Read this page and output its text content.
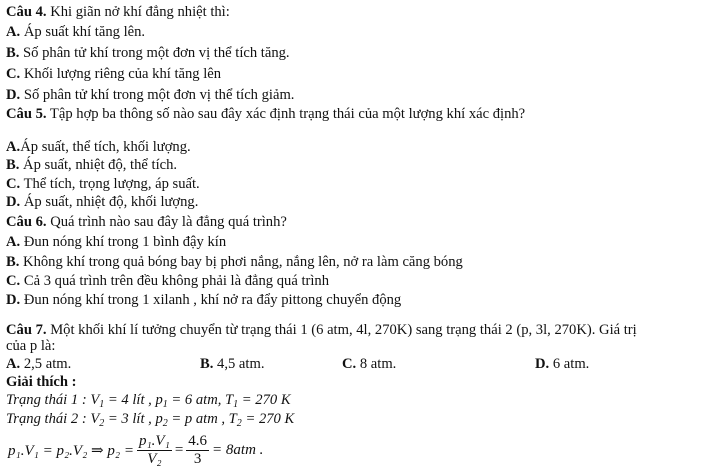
Câu 4. Khi giãn nở khí đẳng nhiệt thì:
A. Áp suất khí tăng lên.
B. Số phân tử khí trong một đơn vị thể tích tăng.
C. Khối lượng riêng của khí tăng lên
D. Số phân tử khí trong một đơn vị thể tích giảm.
Câu 5. Tập hợp ba thông số nào sau đây xác định trạng thái của một lượng khí xác định?
A.Áp suất, thể tích, khối lượng.
B. Áp suất, nhiệt độ, thể tích.
C. Thể tích, trọng lượng, áp suất.
D. Áp suất, nhiệt độ, khối lượng.
Câu 6. Quá trình nào sau đây là đẳng quá trình?
A. Đun nóng khí trong 1 bình đậy kín
B. Không khí trong quả bóng bay bị phơi nắng, nắng lên, nở ra làm căng bóng
C. Cả 3 quá trình trên đều không phải là đẳng quá trình
D. Đun nóng khí trong 1 xilanh , khí nở ra đẩy pittong chuyển động
Câu 7. Một khối khí lí tưởng chuyển từ trạng thái 1 (6 atm, 4l, 270K) sang trạng thái 2 (p, 3l, 270K). Giá trị
của p là:
A. 2,5 atm.	B. 4,5 atm.	C. 8 atm.	D. 6 atm.
Giải thích :
Trạng thái 1 : $V_1 = 4$ lít , $p_1 = 6$ atm, $T_1 = 270$ K
Trạng thái 2 : $V_2 = 3$ lít , $p_2 = p$ atm , $T_2 = 270$ K
p₁.V₁ = p₂.V₂ ⇒ $p_2 = \frac{\text{p₁.V₁}}{\text{V₂}} = \frac{4.6}{3} = 8atm$ .
